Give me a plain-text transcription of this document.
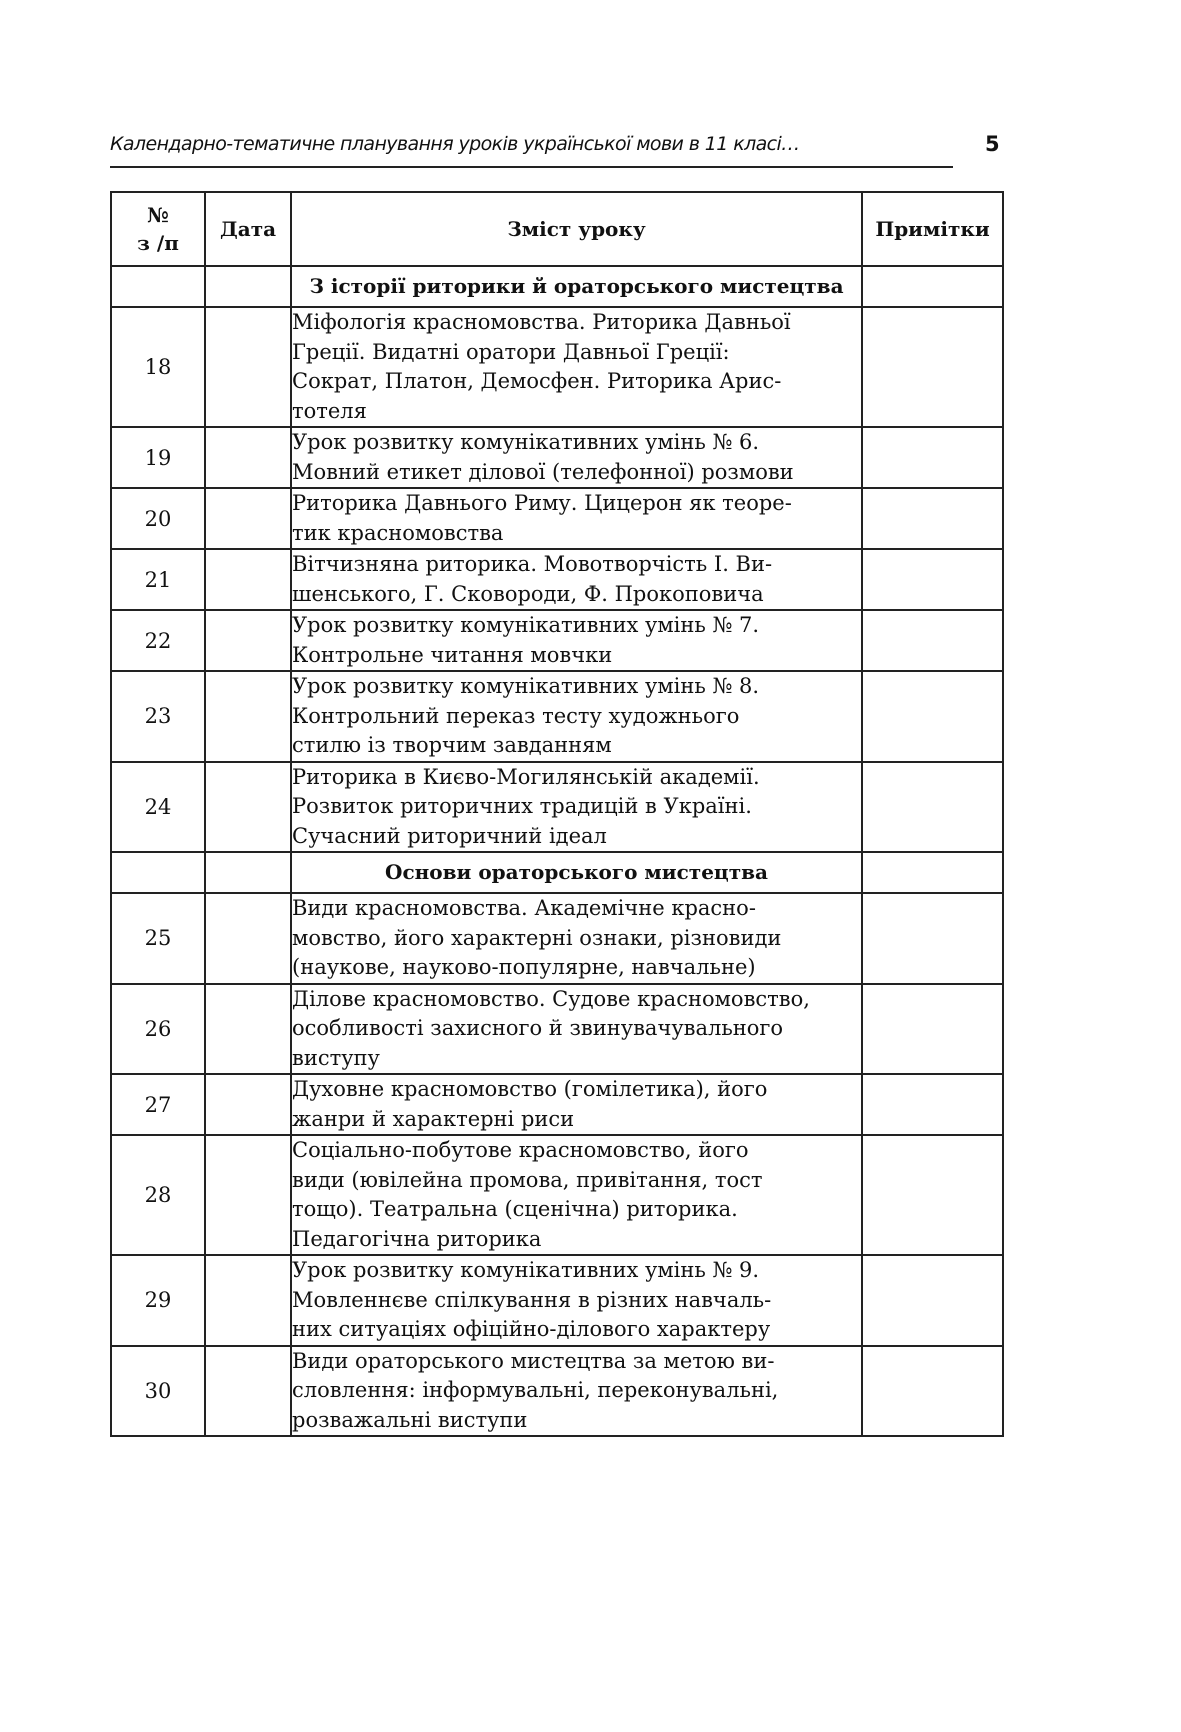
Календарно-тематичне планування уроків української мови в 11 класі…	5
№
з /п	Дата	Зміст уроку	Примітки
		З історії риторики й ораторського мистецтва	
18		Міфологія красномовства. Риторика Давньої
Греції. Видатні оратори Давньої Греції:
Сократ, Платон, Демосфен. Риторика Арис-
тотеля	
19		Урок розвитку комунікативних умінь № 6.
Мовний етикет ділової (телефонної) розмови	
20		Риторика Давнього Риму. Цицерон як теоре-
тик красномовства	
21		Вітчизняна риторика. Мовотворчість І. Ви-
шенського, Г. Сковороди, Ф. Прокоповича	
22		Урок розвитку комунікативних умінь № 7.
Контрольне читання мовчки	
23		Урок розвитку комунікативних умінь № 8.
Контрольний переказ тесту художнього
стилю із творчим завданням	
24		Риторика в Києво-Могилянській академії.
Розвиток риторичних традицій в Україні.
Сучасний риторичний ідеал	
		Основи ораторського мистецтва	
25		Види красномовства. Академічне красно-
мовство, його характерні ознаки, різновиди
(наукове, науково-популярне, навчальне)	
26		Ділове красномовство. Судове красномовство,
особливості захисного й звинувачувального
виступу	
27		Духовне красномовство (гомілетика), його
жанри й характерні риси	
28		Соціально-побутове красномовство, його
види (ювілейна промова, привітання, тост
тощо). Театральна (сценічна) риторика.
Педагогічна риторика	
29		Урок розвитку комунікативних умінь № 9.
Мовленнєве спілкування в різних навчаль-
них ситуаціях офіційно-ділового характеру	
30		Види ораторського мистецтва за метою ви-
словлення: інформувальні, переконувальні,
розважальні виступи	
